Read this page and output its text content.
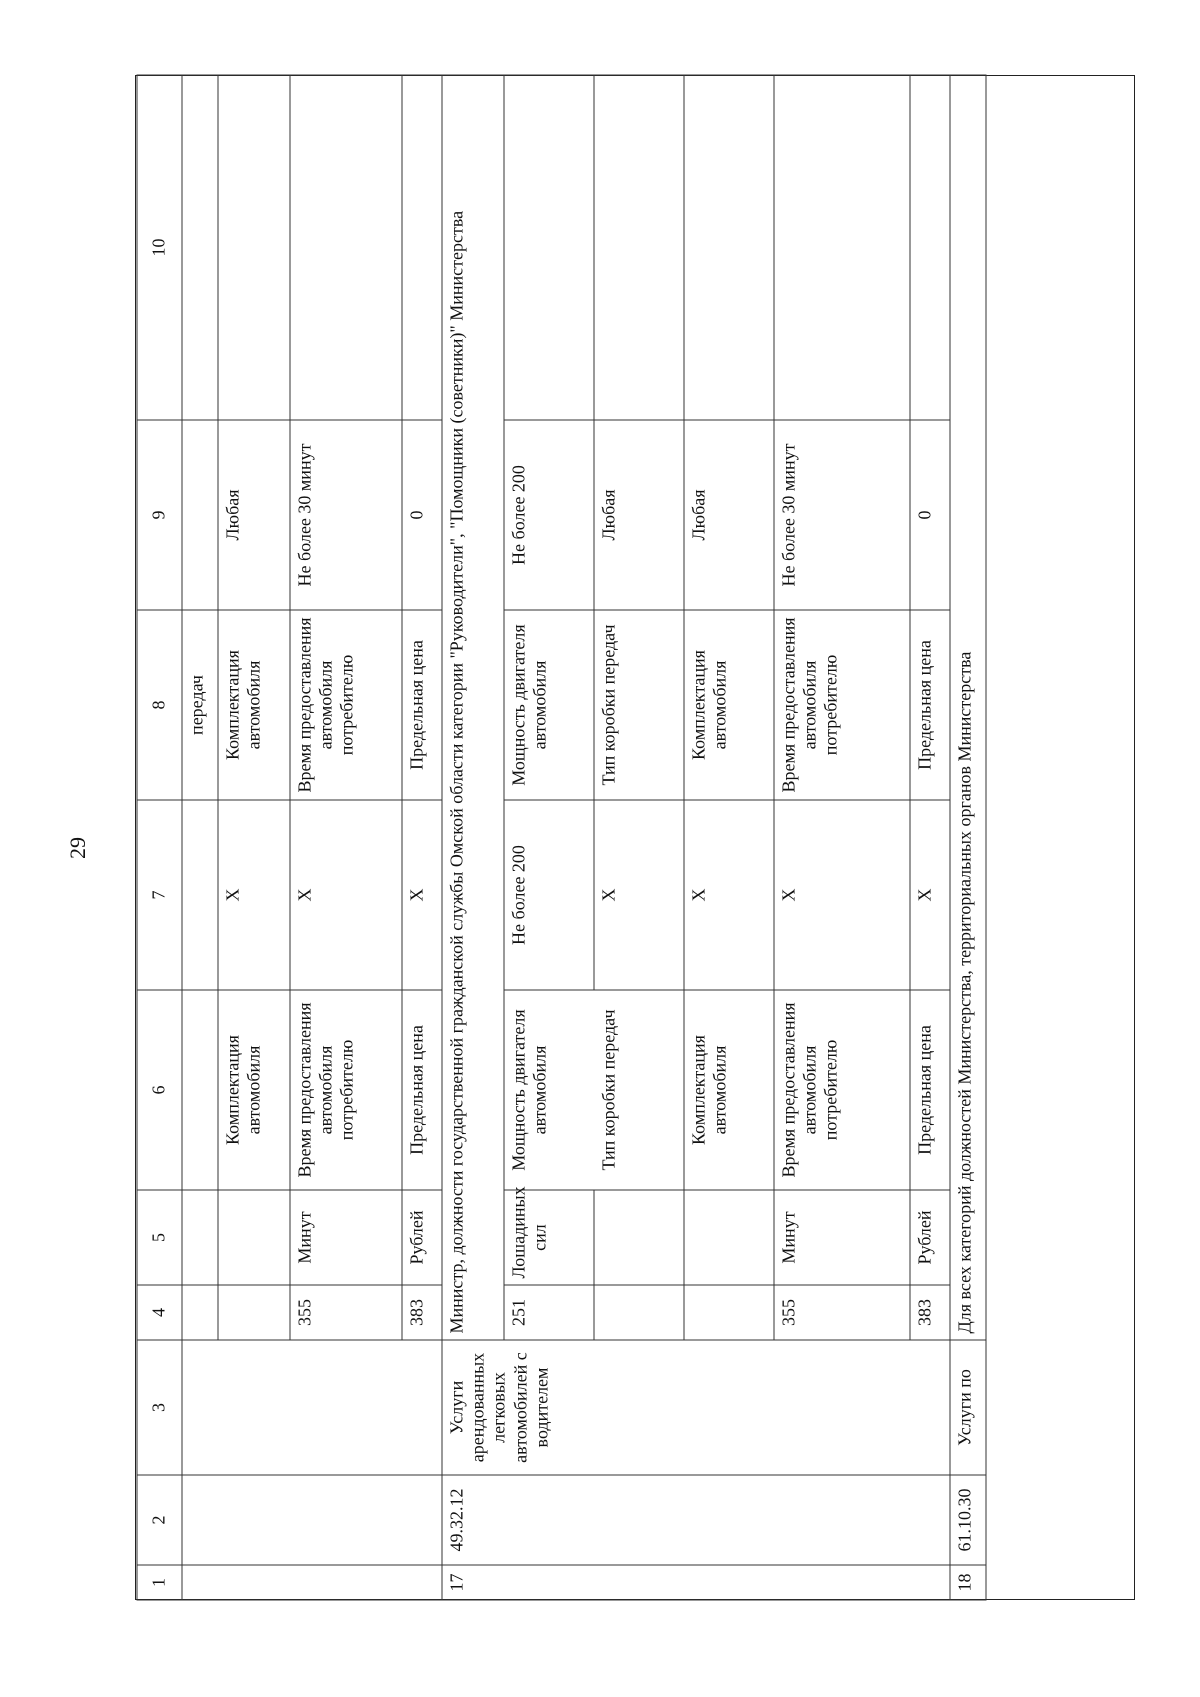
29
1	2	3	4	5	6	7	8	9	10
							передач		
					Комплектация автомобиля	X	Комплектация автомобиля	Любая	
			355	Минут	Время предоставления автомобиля потребителю	X	Время предоставления автомобиля потребителю	Не более 30 минут	
			383	Рублей	Предельная цена	X	Предельная цена	0	
17	49.32.12	Услуги арендованных легковых автомобилей с водителем	Министр, должности государственной гражданской службы Омской области категории "Руководители", "Помощники (советники)" Министерства						
			251	Лошадиных сил	Мощность двигателя автомобиля	Не более 200	Мощность двигателя автомобиля	Не более 200	
					Тип коробки передач	X	Тип коробки передач	Любая	
					Комплектация автомобиля	X	Комплектация автомобиля	Любая	
			355	Минут	Время предоставления автомобиля потребителю	X	Время предоставления автомобиля потребителю	Не более 30 минут	
			383	Рублей	Предельная цена	X	Предельная цена	0	
18	61.10.30	Услуги по	Для всех категорий должностей Министерства, территориальных органов Министерства						
